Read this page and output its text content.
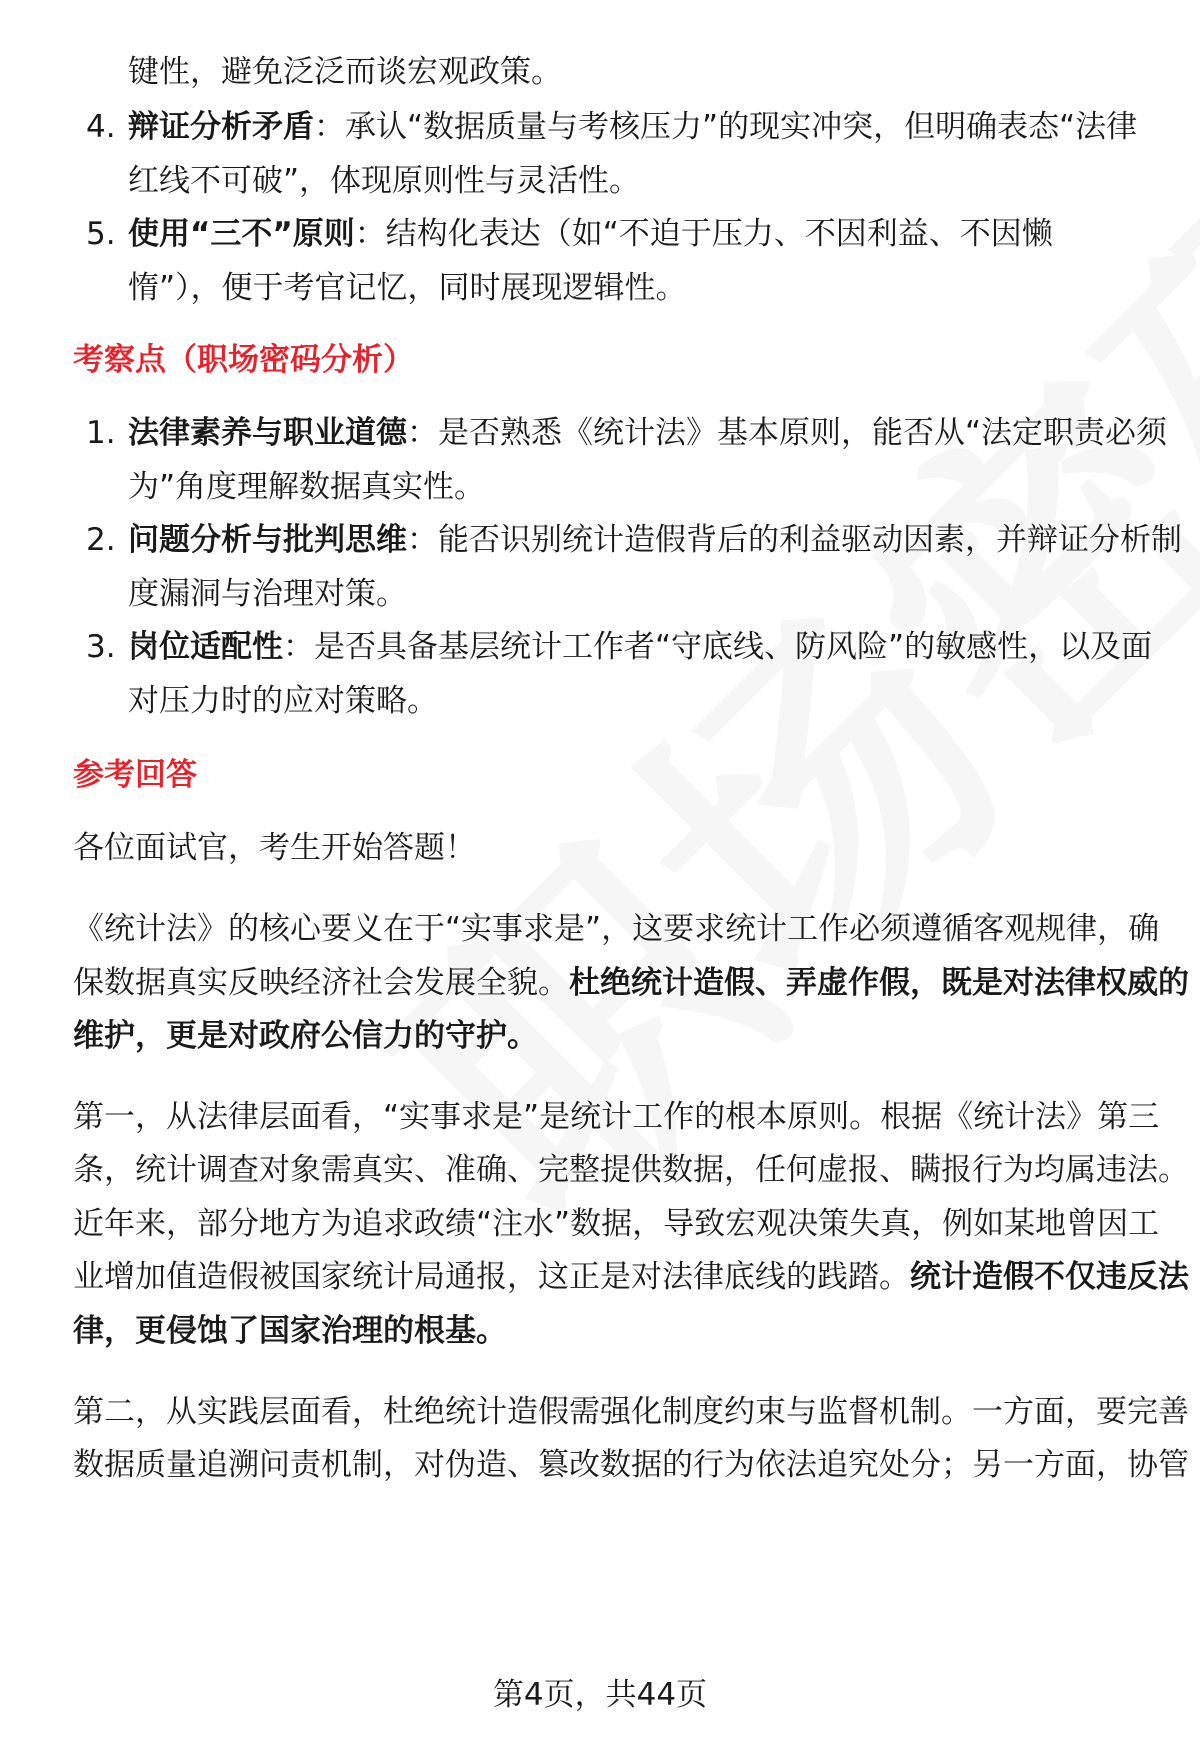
键性，避免泛泛而谈宏观政策。
4. 辩证分析矛盾：承认“数据质量与考核压力”的现实冲突，但明确表态“法律
红线不可破”，体现原则性与灵活性。
5. 使用“三不”原则：结构化表达（如“不迫于压力、不因利益、不因懒
惰”），便于考官记忆，同时展现逻辑性。
考察点（职场密码分析）
1. 法律素养与职业道德：是否熟悉《统计法》基本原则，能否从“法定职责必须
为”角度理解数据真实性。
2. 问题分析与批判思维：能否识别统计造假背后的利益驱动因素，并辩证分析制
度漏洞与治理对策。
3. 岗位适配性：是否具备基层统计工作者“守底线、防风险”的敏感性，以及面
对压力时的应对策略。
参考回答
各位面试官，考生开始答题！
《统计法》的核心要义在于“实事求是”，这要求统计工作必须遵循客观规律，确
保数据真实反映经济社会发展全貌。杜绝统计造假、弄虚作假，既是对法律权威的
维护，更是对政府公信力的守护。
第一，从法律层面看，“实事求是”是统计工作的根本原则。根据《统计法》第三
条，统计调查对象需真实、准确、完整提供数据，任何虚报、瞒报行为均属违法。
近年来，部分地方为追求政绩“注水”数据，导致宏观决策失真，例如某地曾因工
业增加值造假被国家统计局通报，这正是对法律底线的践踏。统计造假不仅违反法
律，更侵蚀了国家治理的根基。
第二，从实践层面看，杜绝统计造假需强化制度约束与监督机制。一方面，要完善
数据质量追溯问责机制，对伪造、篡改数据的行为依法追究处分；另一方面，协管
第4页，共44页
